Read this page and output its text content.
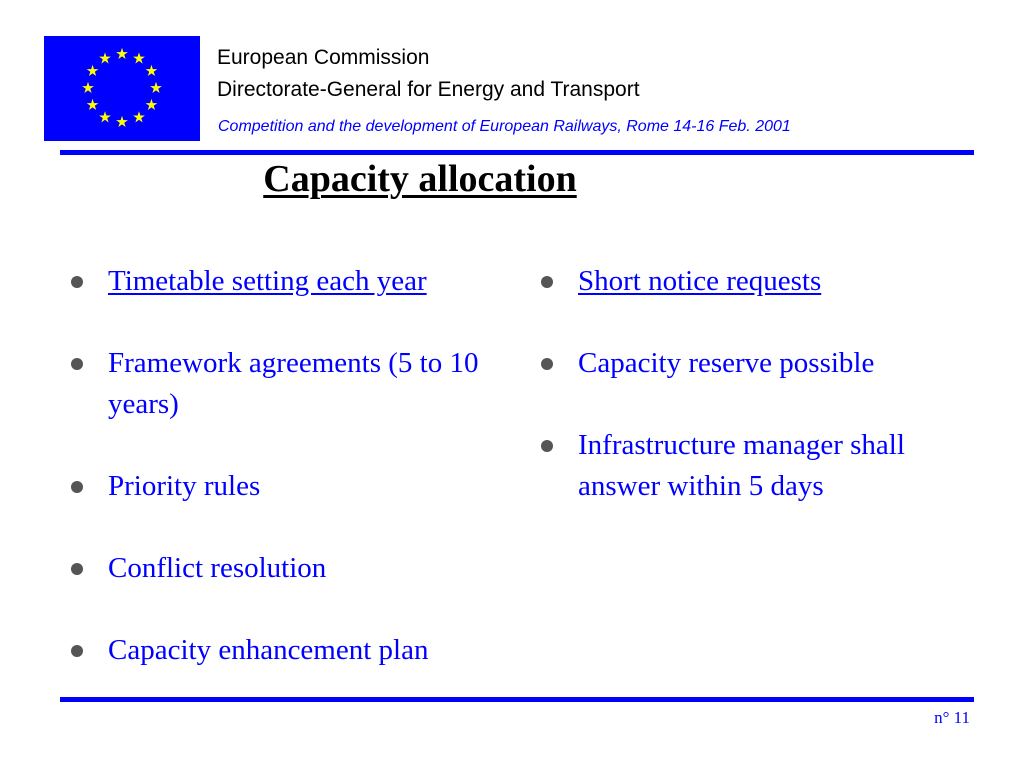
European Commission
Directorate-General for Energy and Transport
Competition and the development of European Railways, Rome 14-16 Feb. 2001
Capacity allocation
Timetable setting each year
Framework agreements (5 to 10 years)
Priority rules
Conflict resolution
Capacity enhancement plan
Short notice requests
Capacity reserve possible
Infrastructure manager shall answer within 5 days
n° 11
